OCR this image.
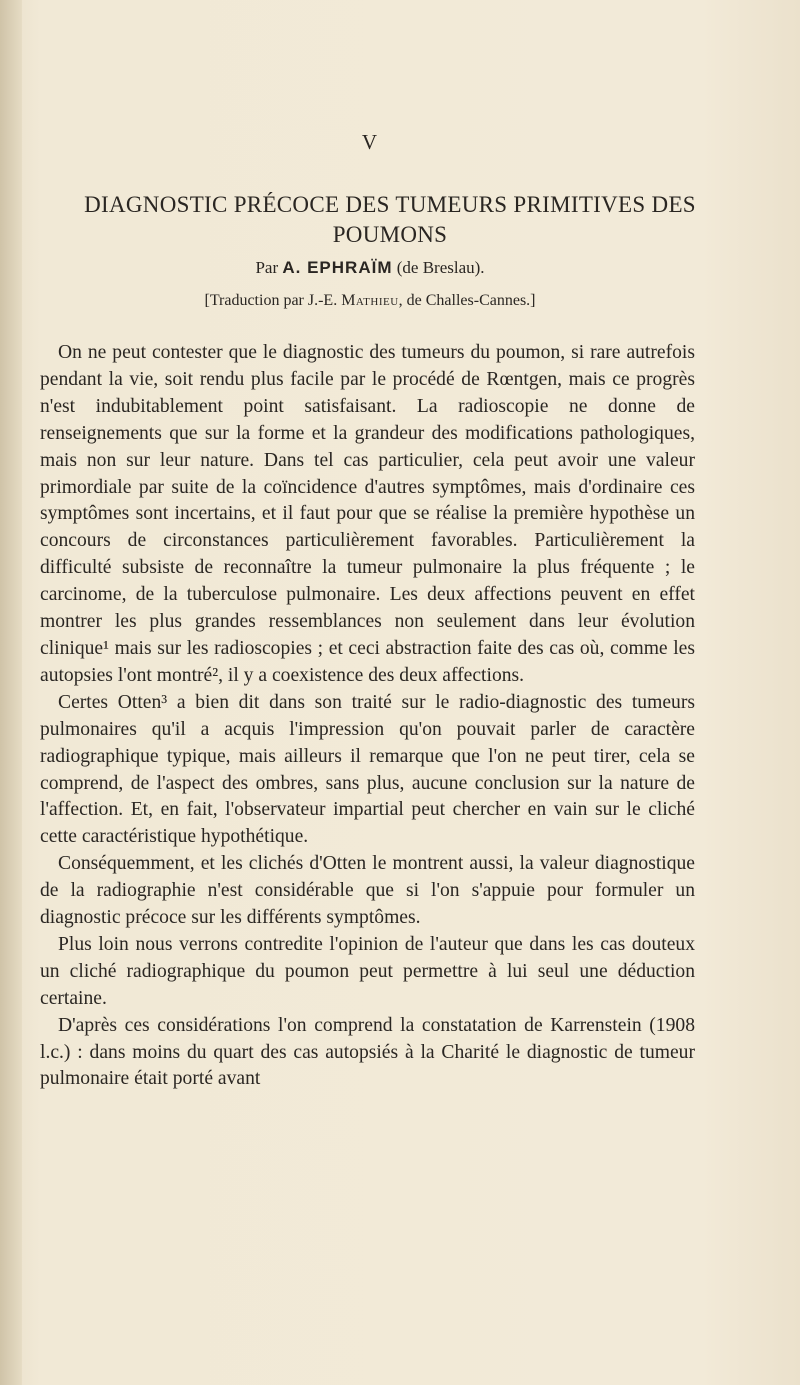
V
DIAGNOSTIC PRÉCOCE DES TUMEURS PRIMITIVES DES POUMONS
Par A. EPHRAÏM (de Breslau).
[Traduction par J.-E. Mathieu, de Challes-Cannes.]

On ne peut contester que le diagnostic des tumeurs du poumon, si rare autrefois pendant la vie, soit rendu plus facile par le procédé de Rœntgen, mais ce progrès n'est indubitablement point satisfaisant. La radioscopie ne donne de renseignements que sur la forme et la grandeur des modifications pathologiques, mais non sur leur nature. Dans tel cas particulier, cela peut avoir une valeur primordiale par suite de la coïncidence d'autres symptômes, mais d'ordinaire ces symptômes sont incertains, et il faut pour que se réalise la première hypothèse un concours de circonstances particulièrement favorables. Particulièrement la difficulté subsiste de reconnaître la tumeur pulmonaire la plus fréquente ; le carcinome, de la tuberculose pulmonaire. Les deux affections peuvent en effet montrer les plus grandes ressemblances non seulement dans leur évolution clinique¹ mais sur les radioscopies ; et ceci abstraction faite des cas où, comme les autopsies l'ont montré², il y a coexistence des deux affections.

Certes Otten³ a bien dit dans son traité sur le radio-diagnostic des tumeurs pulmonaires qu'il a acquis l'impression qu'on pouvait parler de caractère radiographique typique, mais ailleurs il remarque que l'on ne peut tirer, cela se comprend, de l'aspect des ombres, sans plus, aucune conclusion sur la nature de l'affection. Et, en fait, l'observateur impartial peut chercher en vain sur le cliché cette caractéristique hypothétique.

Conséquemment, et les clichés d'Otten le montrent aussi, la valeur diagnostique de la radiographie n'est considérable que si l'on s'appuie pour formuler un diagnostic précoce sur les différents symptômes.

Plus loin nous verrons contredite l'opinion de l'auteur que dans les cas douteux un cliché radiographique du poumon peut permettre à lui seul une déduction certaine.

D'après ces considérations l'on comprend la constatation de Karrenstein (1908 l.c.) : dans moins du quart des cas autopsiés à la Charité le diagnostic de tumeur pulmonaire était porté avant
